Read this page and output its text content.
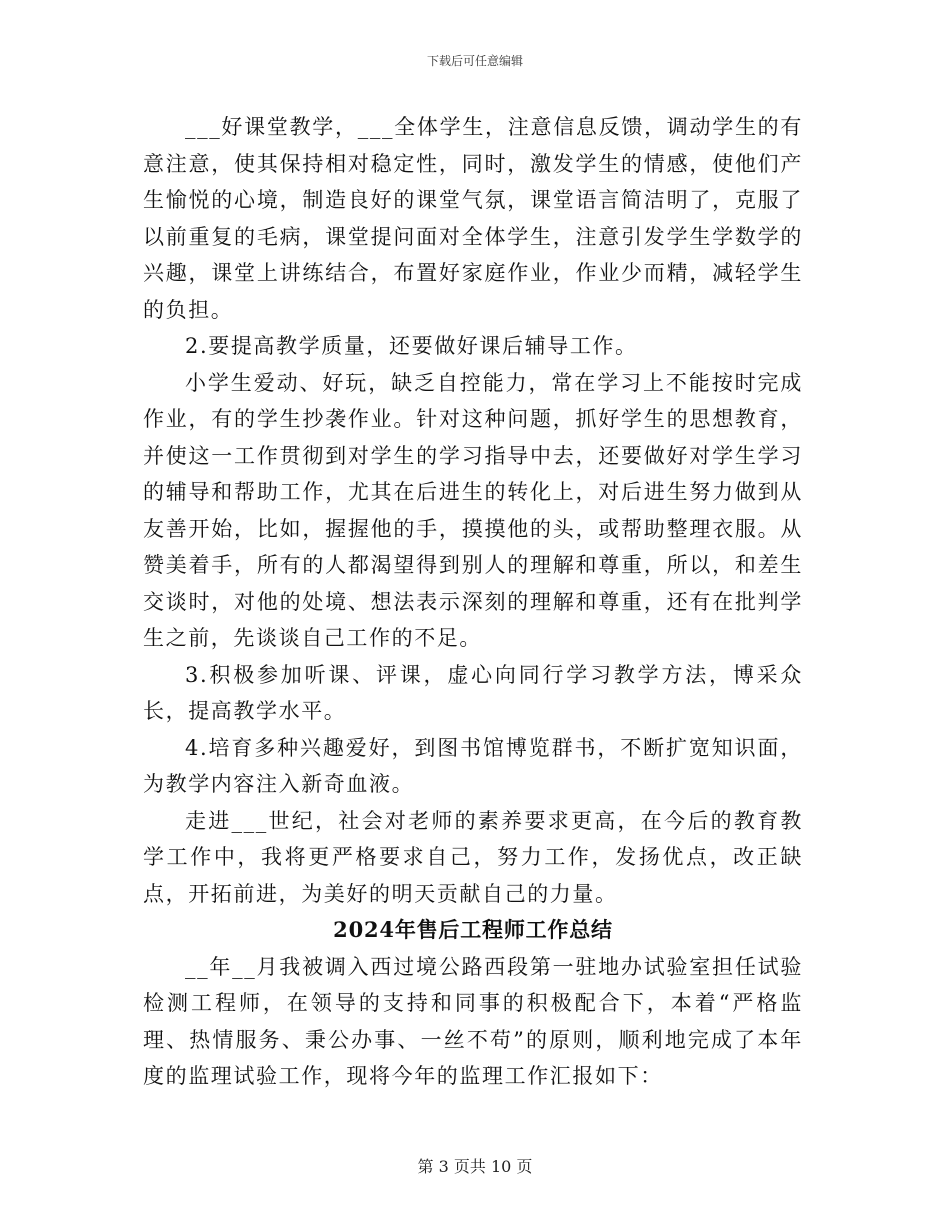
下载后可任意编辑

___好课堂教学，___全体学生，注意信息反馈，调动学生的有意注意，使其保持相对稳定性，同时，激发学生的情感，使他们产生愉悦的心境，制造良好的课堂气氛，课堂语言简洁明了，克服了以前重复的毛病，课堂提问面对全体学生，注意引发学生学数学的兴趣，课堂上讲练结合，布置好家庭作业，作业少而精，减轻学生的负担。

2.要提高教学质量，还要做好课后辅导工作。

小学生爱动、好玩，缺乏自控能力，常在学习上不能按时完成作业，有的学生抄袭作业。针对这种问题，抓好学生的思想教育，并使这一工作贯彻到对学生的学习指导中去，还要做好对学生学习的辅导和帮助工作，尤其在后进生的转化上，对后进生努力做到从友善开始，比如，握握他的手，摸摸他的头，或帮助整理衣服。从赞美着手，所有的人都渴望得到别人的理解和尊重，所以，和差生交谈时，对他的处境、想法表示深刻的理解和尊重，还有在批判学生之前，先谈谈自己工作的不足。

3.积极参加听课、评课，虚心向同行学习教学方法，博采众长，提高教学水平。

4.培育多种兴趣爱好，到图书馆博览群书，不断扩宽知识面，为教学内容注入新奇血液。

走进___世纪，社会对老师的素养要求更高，在今后的教育教学工作中，我将更严格要求自己，努力工作，发扬优点，改正缺点，开拓前进，为美好的明天贡献自己的力量。

2024年售后工程师工作总结

__年__月我被调入西过境公路西段第一驻地办试验室担任试验检测工程师，在领导的支持和同事的积极配合下，本着“严格监理、热情服务、秉公办事、一丝不苟”的原则，顺利地完成了本年度的监理试验工作，现将今年的监理工作汇报如下：

第 3 页共 10 页
